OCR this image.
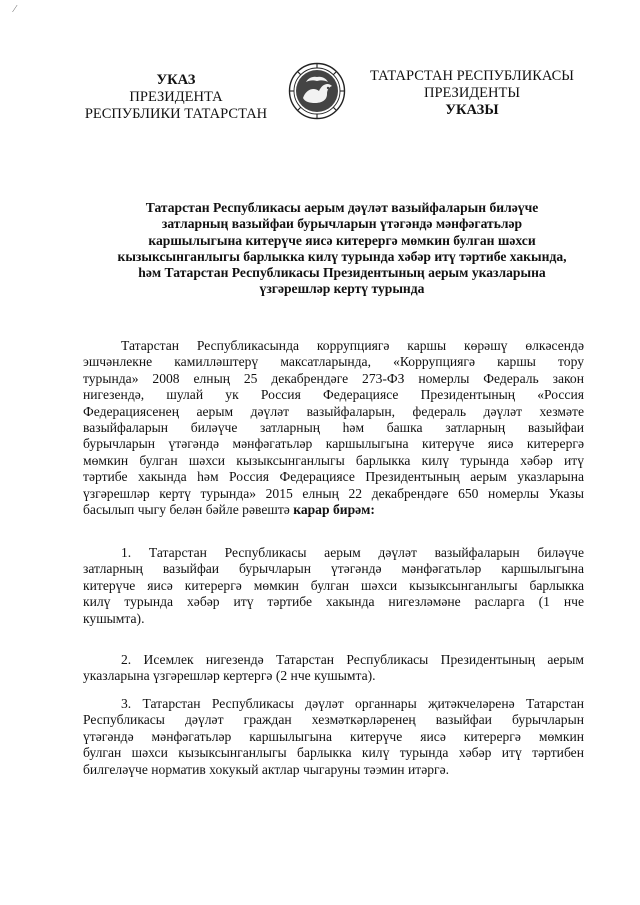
⁄
УКАЗ
ПРЕЗИДЕНТА
РЕСПУБЛИКИ ТАТАРСТАН
ТАТАРСТАН РЕСПУБЛИКАСЫ
ПРЕЗИДЕНТЫ
УКАЗЫ
Татарстан Республикасы аерым дәүләт вазыйфаларын биләүче
затларның вазыйфаи бурычларын үтәгәндә мәнфәгатьләр
каршылыгына китерүче яисә китерергә мөмкин булган шәхси
кызыксынганлыгы барлыкка килү турында хәбәр итү тәртибе хакында,
һәм Татарстан Республикасы Президентының аерым указларына
үзгәрешләр кертү турында
Татарстан Республикасында коррупциягә каршы көрәшү өлкәсендә
эшчәнлекне камилләштерү максатларында, «Коррупциягә каршы тору
турында» 2008 елның 25 декабрендәге 273-ФЗ номерлы Федераль закон
нигезендә, шулай ук Россия Федерациясе Президентының «Россия
Федерациясенең аерым дәүләт вазыйфаларын, федераль дәүләт хезмәте
вазыйфаларын биләүче затларның һәм башка затларның вазыйфаи
бурычларын үтәгәндә мәнфәгатьләр каршылыгына китерүче яисә китерергә
мөмкин булган шәхси кызыксынганлыгы барлыкка килү турында хәбәр итү
тәртибе хакында һәм Россия Федерациясе Президентының аерым указларына
үзгәрешләр кертү турында» 2015 елның 22 декабрендәге 650 номерлы Указы
басылып чыгу белән бәйле рәвештә карар бирәм:
1. Татарстан Республикасы аерым дәүләт вазыйфаларын биләүче
затларның вазыйфаи бурычларын үтәгәндә мәнфәгатьләр каршылыгына
китерүче яисә китерергә мөмкин булган шәхси кызыксынганлыгы барлыкка
килү турында хәбәр итү тәртибе хакында нигезләмәне расларга (1 нче
кушымта).
2. Исемлек нигезендә Татарстан Республикасы Президентының аерым
указларына үзгәрешләр кертергә (2 нче кушымта).
3. Татарстан Республикасы дәүләт органнары җитәкчеләренә Татарстан
Республикасы дәүләт граждан хезмәткәрләренең вазыйфаи бурычларын
үтәгәндә мәнфәгатьләр каршылыгына китерүче яисә китерергә мөмкин
булган шәхси кызыксынганлыгы барлыкка килү турында хәбәр итү тәртибен
билгеләүче норматив хокукый актлар чыгаруны тәэмин итәргә.
